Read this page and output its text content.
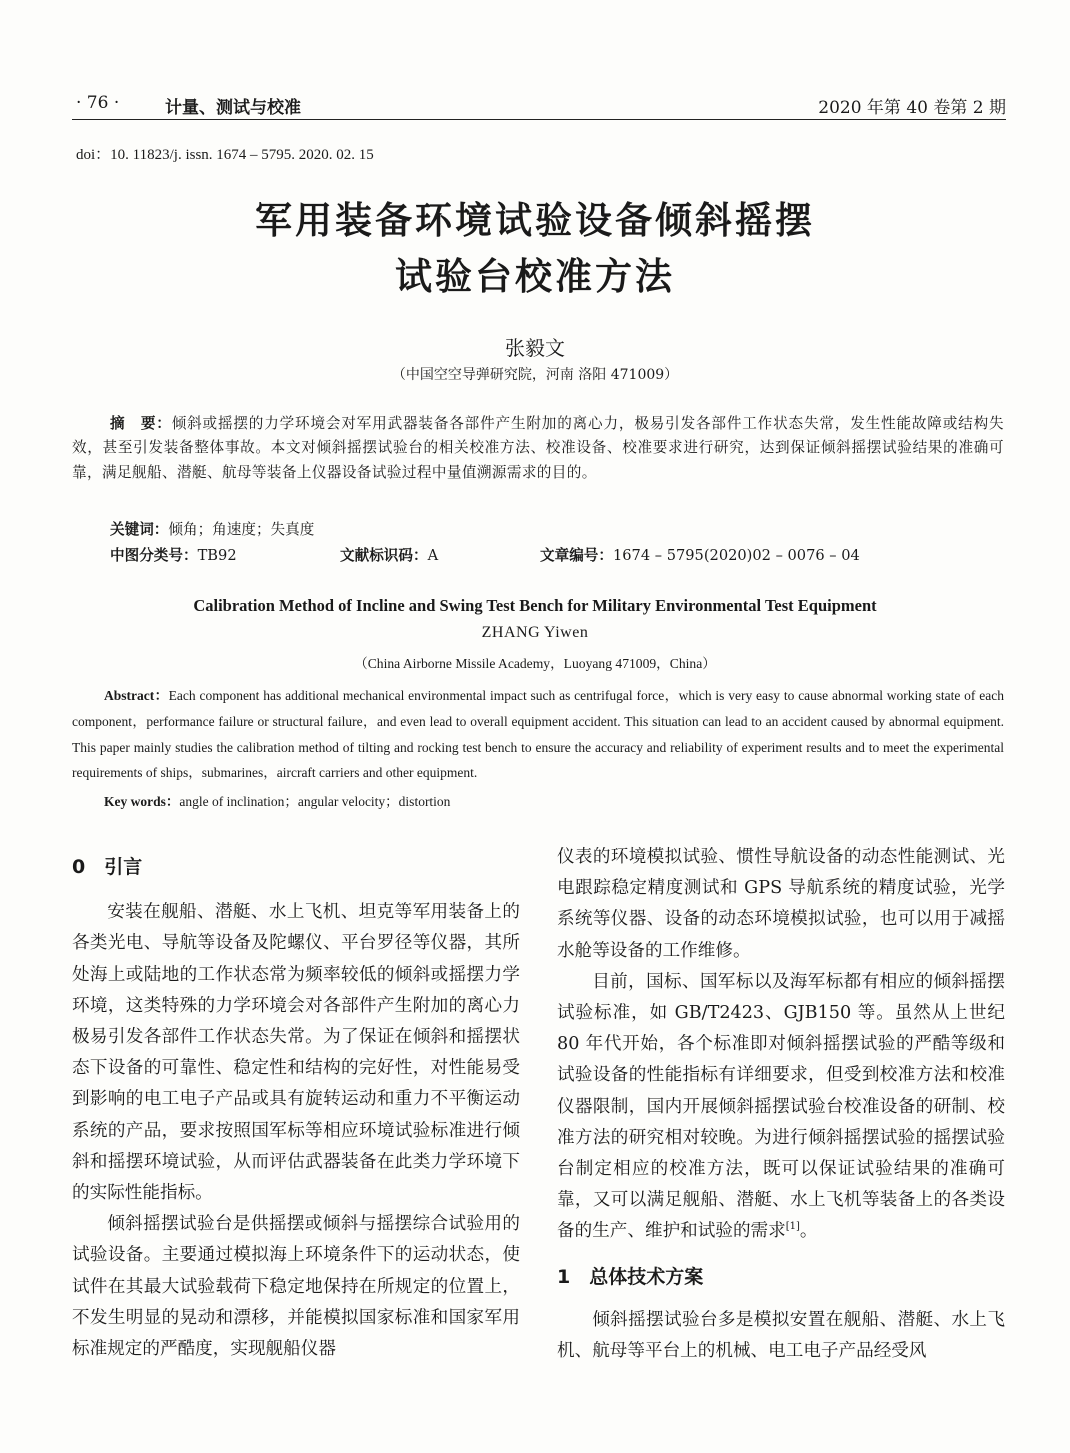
· 76 ·	计量、测试与校准	2020 年第 40 卷第 2 期
doi：10. 11823/j. issn. 1674 – 5795. 2020. 02. 15
军用装备环境试验设备倾斜摇摆
试验台校准方法
张毅文
（中国空空导弹研究院，河南 洛阳 471009）

摘　要：倾斜或摇摆的力学环境会对军用武器装备各部件产生附加的离心力，极易引发各部件工作状态失常，发生性能故障或结构失效，甚至引发装备整体事故。本文对倾斜摇摆试验台的相关校准方法、校准设备、校准要求进行研究，达到保证倾斜摇摆试验结果的准确可靠，满足舰船、潜艇、航母等装备上仪器设备试验过程中量值溯源需求的目的。

关键词：倾角；角速度；失真度
中图分类号：TB92	文献标识码：A	文章编号：1674 – 5795(2020)02 – 0076 – 04
Calibration Method of Incline and Swing Test Bench for Military Environmental Test Equipment
ZHANG Yiwen
（China Airborne Missile Academy，Luoyang 471009，China）

Abstract：Each component has additional mechanical environmental impact such as centrifugal force，which is very easy to cause abnormal working state of each component，performance failure or structural failure，and even lead to overall equipment accident. This situation can lead to an accident caused by abnormal equipment. This paper mainly studies the calibration method of tilting and rocking test bench to ensure the accuracy and reliability of experiment results and to meet the experimental requirements of ships，submarines，aircraft carriers and other equipment.

Key words：angle of inclination；angular velocity；distortion
0　引言

安装在舰船、潜艇、水上飞机、坦克等军用装备上的各类光电、导航等设备及陀螺仪、平台罗径等仪器，其所处海上或陆地的工作状态常为频率较低的倾斜或摇摆力学环境，这类特殊的力学环境会对各部件产生附加的离心力极易引发各部件工作状态失常。为了保证在倾斜和摇摆状态下设备的可靠性、稳定性和结构的完好性，对性能易受到影响的电工电子产品或具有旋转运动和重力不平衡运动系统的产品，要求按照国军标等相应环境试验标准进行倾斜和摇摆环境试验，从而评估武器装备在此类力学环境下的实际性能指标。

倾斜摇摆试验台是供摇摆或倾斜与摇摆综合试验用的试验设备。主要通过模拟海上环境条件下的运动状态，使试件在其最大试验载荷下稳定地保持在所规定的位置上，不发生明显的晃动和漂移，并能模拟国家标准和国家军用标准规定的严酷度，实现舰船仪器

仪表的环境模拟试验、惯性导航设备的动态性能测试、光电跟踪稳定精度测试和 GPS 导航系统的精度试验，光学系统等仪器、设备的动态环境模拟试验，也可以用于减摇水舱等设备的工作维修。

目前，国标、国军标以及海军标都有相应的倾斜摇摆试验标准，如 GB/T2423、GJB150 等。虽然从上世纪 80 年代开始，各个标准即对倾斜摇摆试验的严酷等级和试验设备的性能指标有详细要求，但受到校准方法和校准仪器限制，国内开展倾斜摇摆试验台校准设备的研制、校准方法的研究相对较晚。为进行倾斜摇摆试验的摇摆试验台制定相应的校准方法，既可以保证试验结果的准确可靠，又可以满足舰船、潜艇、水上飞机等装备上的各类设备的生产、维护和试验的需求[1]。

1　总体技术方案

倾斜摇摆试验台多是模拟安置在舰船、潜艇、水上飞机、航母等平台上的机械、电工电子产品经受风
